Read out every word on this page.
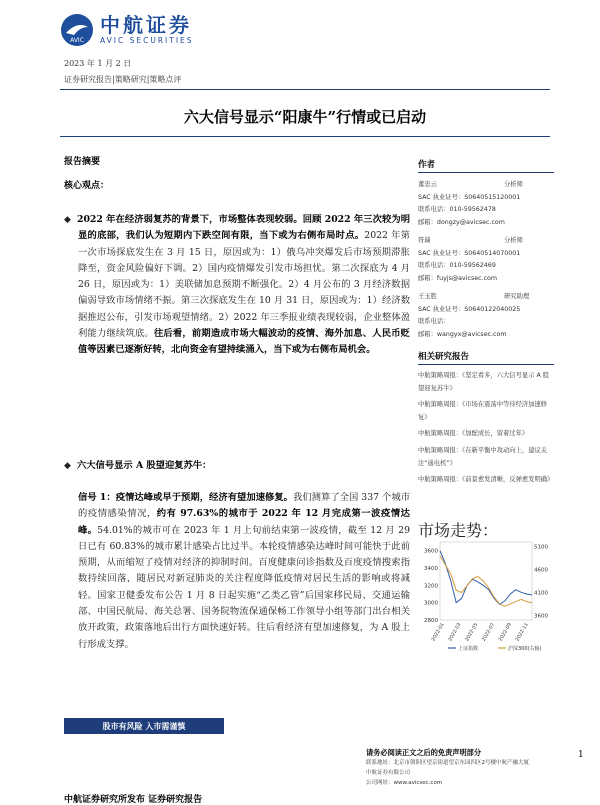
AVIC
中航证券
AVIC SECURITIES
2023 年 1 月 2 日
证券研究报告|策略研究|策略点评
六大信号显示“阳康牛”行情或已启动
报告摘要
核心观点：

◆ 2022 年在经济弱复苏的背景下，市场整体表现较弱。回顾 2022 年三次较为明显的底部，我们认为短期内下跌空间有限，当下或为右侧布局时点。2022 年第一次市场探底发生在 3 月 15 日，原因或为：1）俄乌冲突爆发后市场预期滞胀降至，资金风险偏好下调。2）国内疫情爆发引发市场担忧。第二次探底为 4 月 26 日，原因或为：1）美联储加息预期不断强化。2）4 月公布的 3 月经济数据偏弱导致市场情绪不振。第三次探底发生在 10 月 31 日，原因或为：1）经济数据推迟公布，引发市场观望情绪。2）2022 年三季报业绩表现较弱，企业整体盈利能力继续筑底。往后看，前期造成市场大幅波动的疫情、海外加息、人民币贬值等因素已逐渐好转，北向资金有望持续涌入，当下或为右侧布局机会。

◆ 六大信号显示 A 股望迎复苏牛：

信号 1：疫情达峰或早于预期，经济有望加速修复。我们测算了全国 337 个城市的疫情感染情况，约有 97.63%的城市于 2022 年 12 月完成第一波疫情达峰。54.01%的城市可在 2023 年 1 月上旬前结束第一波疫情，截至 12 月 29 日已有 60.83%的城市累计感染占比过半。本轮疫情感染达峰时间可能快于此前预期，从而缩短了疫情对经济的抑制时间。百度健康问诊指数及百度疫情搜索指数持续回落，随居民对新冠肺炎的关注程度降低疫情对居民生活的影响或将减轻。国家卫健委发布公告 1 月 8 日起实施“乙类乙管”后国家移民局、交通运输部、中国民航局、海关总署、国务院物流保通保畅工作领导小组等部门出台相关放开政策，政策落地后出行方面快速好转。往后看经济有望加速修复，为 A 股上行形成支撑。

作者
董忠云	分析师
SAC 执业证号：S0640515120001
联系电话：010-59562478
邮箱：dongzy@avicsec.com
符瑞	分析师
SAC 执业证号：S0640514070001
联系电话：010-59562469
邮箱：fuyjs@avicsec.com
王玉胜	研究助理
SAC 执业证号：S0640122040025
联系电话：
邮箱：wangyx@avicsec.com
相关研究报告
中航策略周报：《坚定看多，六大信号显示 A 股望迎复苏牛》
中航策略周报：《市场在震荡中等待经济加速修复》
中航策略周报：《加配成长，留着过年》
中航策略周报：《在新平衡中攻动向上，建议关注“通电机”》
中航策略周报：《前景愈发清晰，反弹愈发明确》
市场走势：
3600
3400
3200
3000
2800
5100
4600
4100
3600
2022-01 2022-03 2022-05 2022-07 2022-09 2022-11
上证指数	沪深300(右轴)
股市有风险 入市需谨慎
请务必阅读正文之后的免责声明部分
联系地址：北京市朝阳区望京街道望京东园四区2号楼中航产融大厦
中航证券有限公司
公司网址：www.avicsec.com
1
中航证券研究所发布 证券研究报告
